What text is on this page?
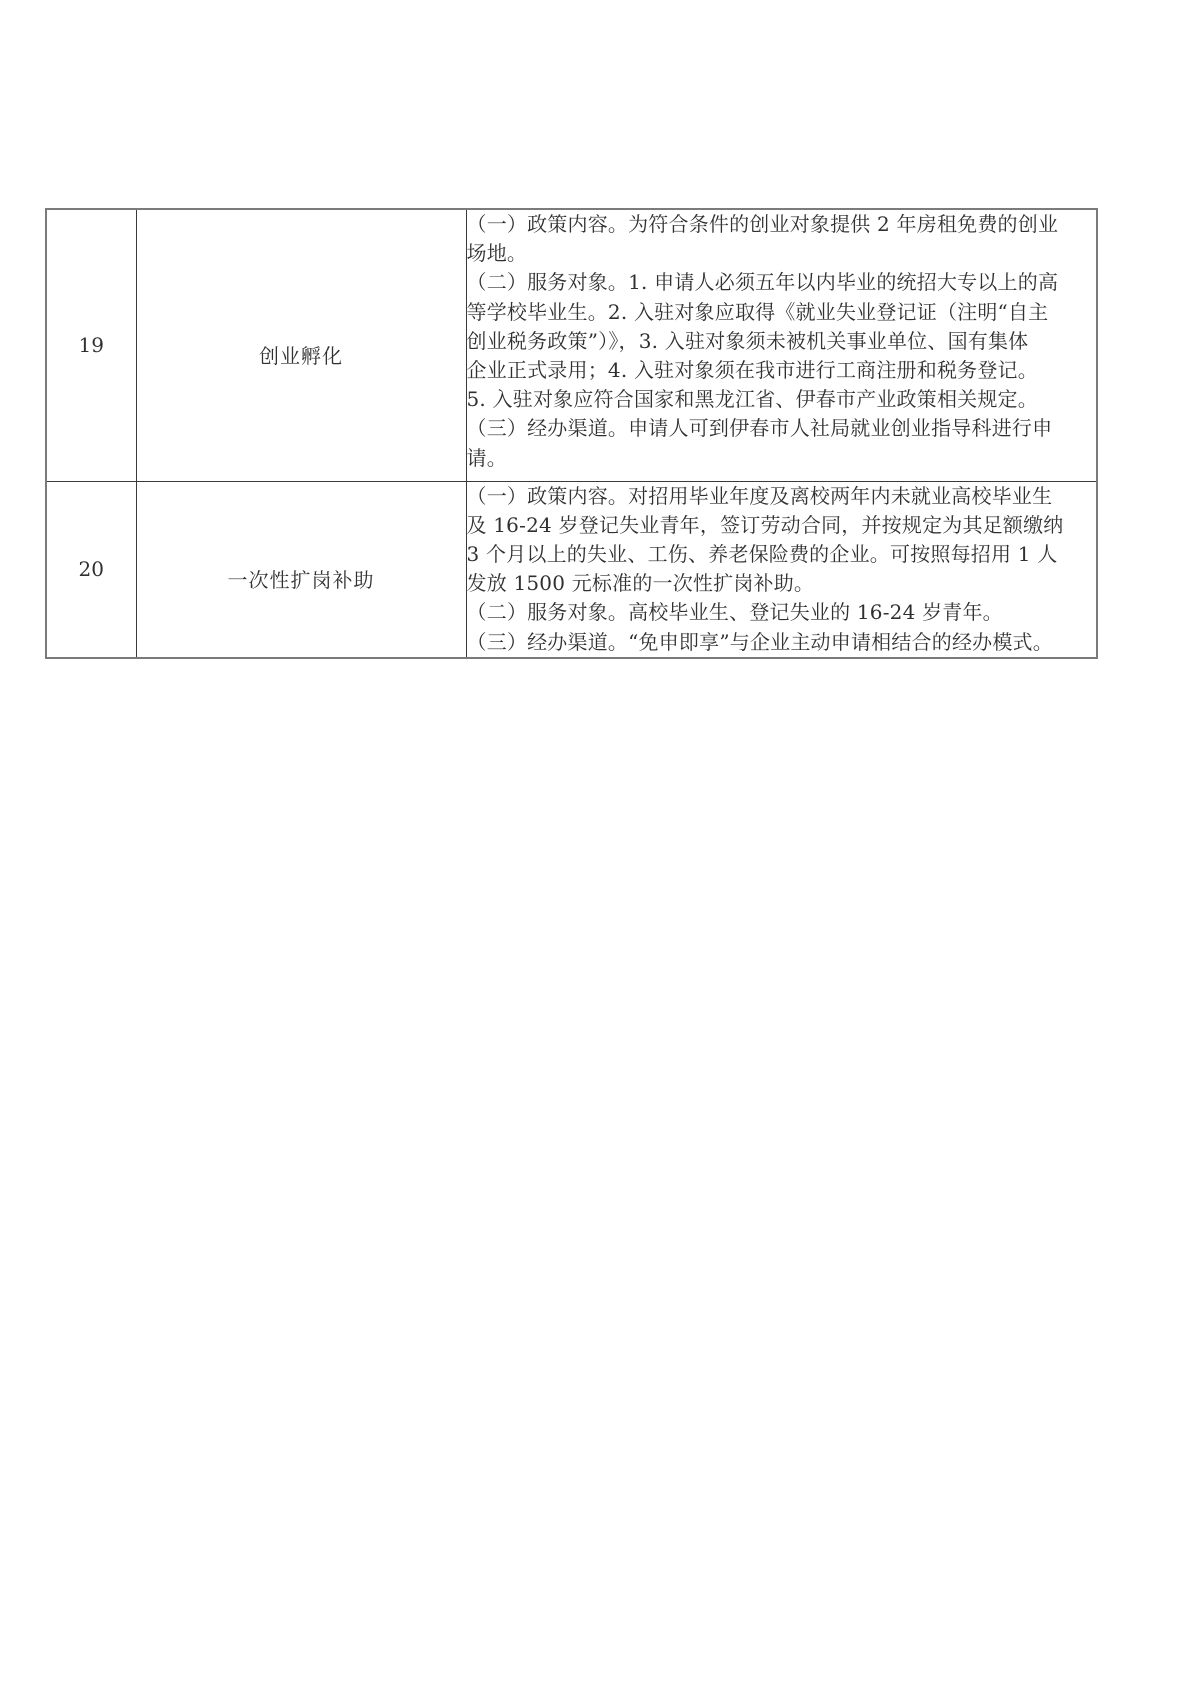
19	创业孵化	
（一）政策内容。为符合条件的创业对象提供 2 年房租免费的创业
场地。
（二）服务对象。1. 申请人必须五年以内毕业的统招大专以上的高
等学校毕业生。2. 入驻对象应取得《就业失业登记证（注明“自主
创业税务政策”）》，3. 入驻对象须未被机关事业单位、国有集体
企业正式录用；4. 入驻对象须在我市进行工商注册和税务登记。
5. 入驻对象应符合国家和黑龙江省、伊春市产业政策相关规定。
（三）经办渠道。申请人可到伊春市人社局就业创业指导科进行申
请。

20	一次性扩岗补助	
（一）政策内容。对招用毕业年度及离校两年内未就业高校毕业生
及 16-24 岁登记失业青年，签订劳动合同，并按规定为其足额缴纳
3 个月以上的失业、工伤、养老保险费的企业。可按照每招用 1 人
发放 1500 元标准的一次性扩岗补助。
（二）服务对象。高校毕业生、登记失业的 16-24 岁青年。
（三）经办渠道。“免申即享”与企业主动申请相结合的经办模式。
